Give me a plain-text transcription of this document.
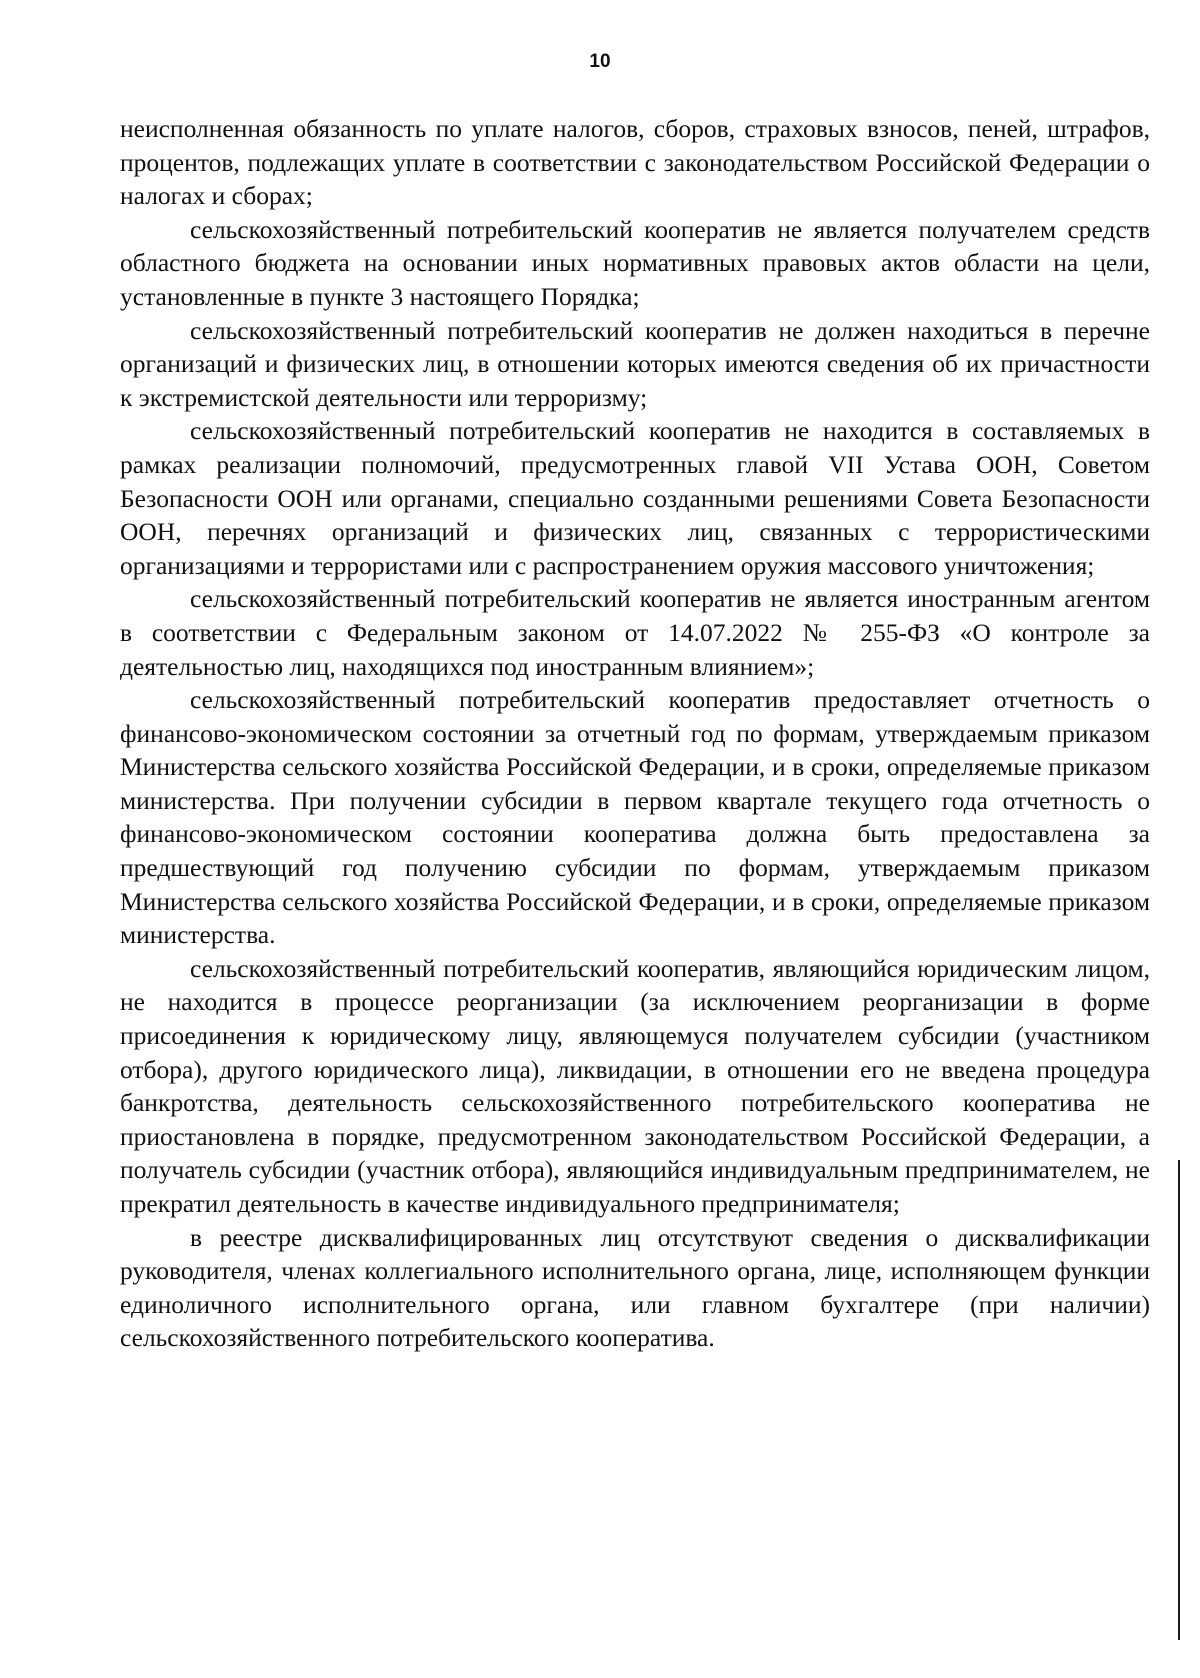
10

неисполненная обязанность по уплате налогов, сборов, страховых взносов, пеней, штрафов, процентов, подлежащих уплате в соответствии с законодательством Российской Федерации о налогах и сборах;

сельскохозяйственный потребительский кооператив не является получателем средств областного бюджета на основании иных нормативных правовых актов области на цели, установленные в пункте 3 настоящего Порядка;

сельскохозяйственный потребительский кооператив не должен находиться в перечне организаций и физических лиц, в отношении которых имеются сведения об их причастности к экстремистской деятельности или терроризму;

сельскохозяйственный потребительский кооператив не находится в составляемых в рамках реализации полномочий, предусмотренных главой VII Устава ООН, Советом Безопасности ООН или органами, специально созданными решениями Совета Безопасности ООН, перечнях организаций и физических лиц, связанных с террористическими организациями и террористами или с распространением оружия массового уничтожения;

сельскохозяйственный потребительский кооператив не является иностранным агентом в соответствии с Федеральным законом от 14.07.2022 № 255-ФЗ «О контроле за деятельностью лиц, находящихся под иностранным влиянием»;

сельскохозяйственный потребительский кооператив предоставляет отчетность о финансово-экономическом состоянии за отчетный год по формам, утверждаемым приказом Министерства сельского хозяйства Российской Федерации, и в сроки, определяемые приказом министерства. При получении субсидии в первом квартале текущего года отчетность о финансово-экономическом состоянии кооператива должна быть предоставлена за предшествующий год получению субсидии по формам, утверждаемым приказом Министерства сельского хозяйства Российской Федерации, и в сроки, определяемые приказом министерства.

сельскохозяйственный потребительский кооператив, являющийся юридическим лицом, не находится в процессе реорганизации (за исключением реорганизации в форме присоединения к юридическому лицу, являющемуся получателем субсидии (участником отбора), другого юридического лица), ликвидации, в отношении его не введена процедура банкротства, деятельность сельскохозяйственного потребительского кооператива не приостановлена в порядке, предусмотренном законодательством Российской Федерации, а получатель субсидии (участник отбора), являющийся индивидуальным предпринимателем, не прекратил деятельность в качестве индивидуального предпринимателя;

в реестре дисквалифицированных лиц отсутствуют сведения о дисквалификации руководителя, членах коллегиального исполнительного органа, лице, исполняющем функции единоличного исполнительного органа, или главном бухгалтере (при наличии) сельскохозяйственного потребительского кооператива.
